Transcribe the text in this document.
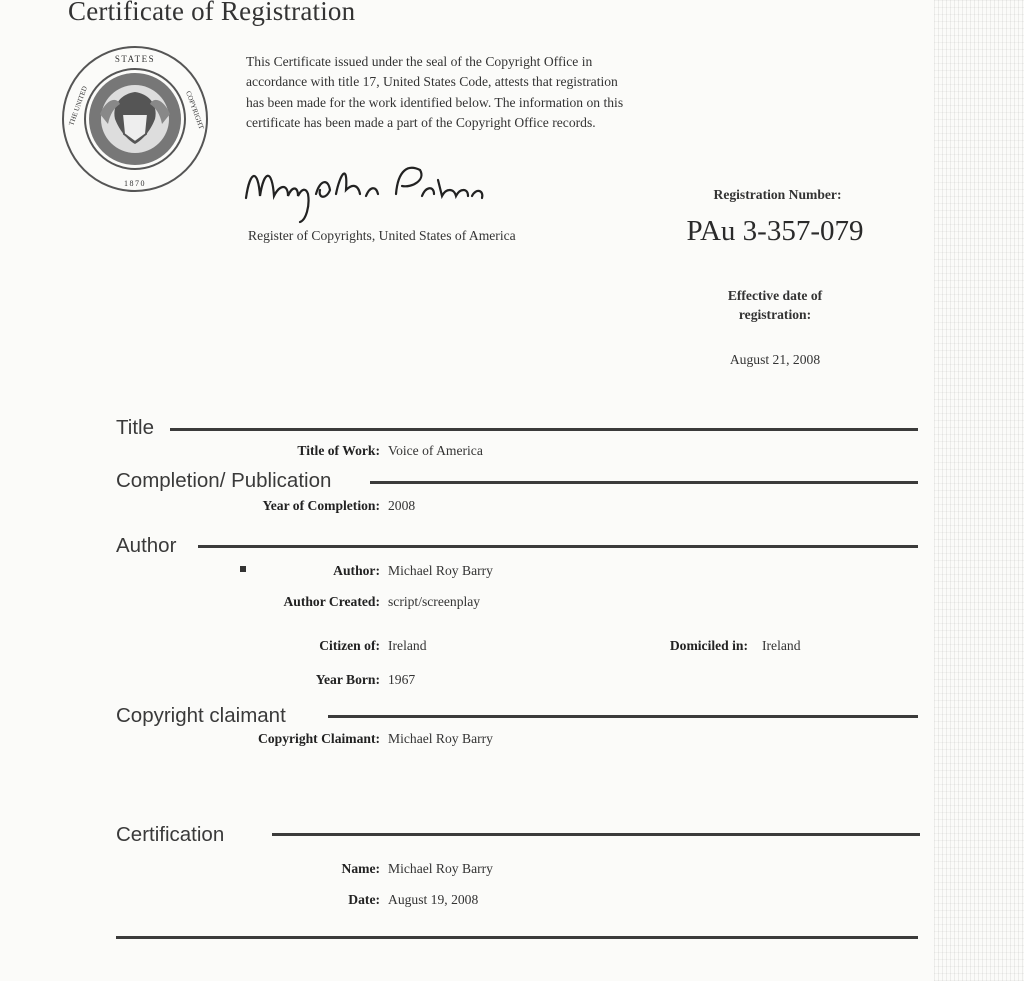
Certificate of Registration
STATES
1870
THE UNITED	COPYRIGHT
This Certificate issued under the seal of the Copyright Office in accordance with title 17, United States Code, attests that registration has been made for the work identified below. The information on this certificate has been made a part of the Copyright Office records.
Register of Copyrights, United States of America
Registration Number:
PAu 3-357-079
Effective date of registration:
August 21, 2008
Title
Title of Work: Voice of America
Completion/ Publication
Year of Completion: 2008
Author
Author: Michael Roy Barry
Author Created: script/screenplay
Citizen of: Ireland	Domiciled in: Ireland
Year Born: 1967
Copyright claimant
Copyright Claimant: Michael Roy Barry
Certification
Name: Michael Roy Barry
Date: August 19, 2008
